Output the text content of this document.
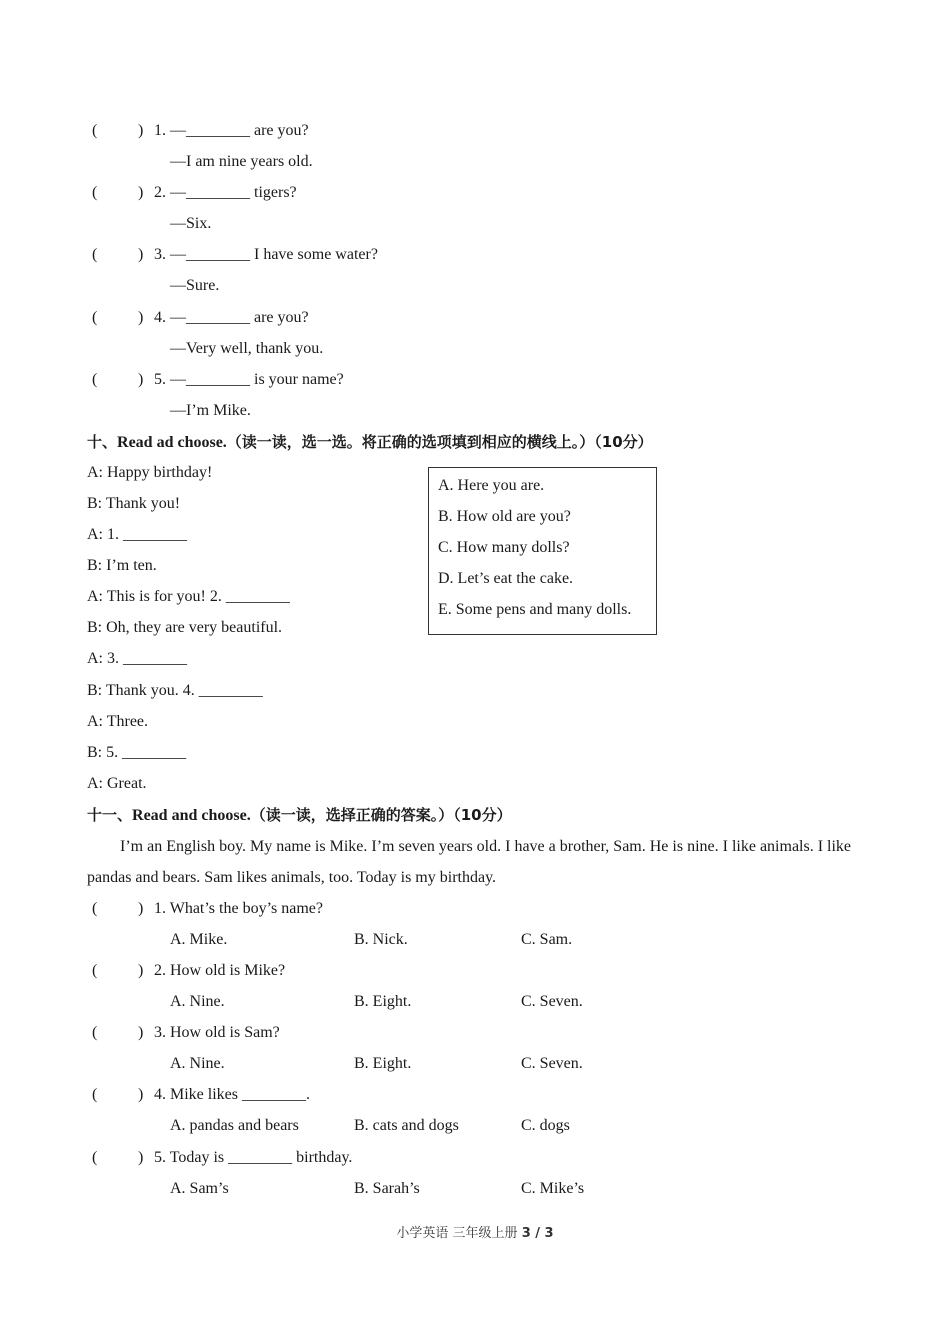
(	) 1. —________ are you?
—I am nine years old.
(	) 2. —________ tigers?
—Six.
(	) 3. —________ I have some water?
—Sure.
(	) 4. —________ are you?
—Very well, thank you.
(	) 5. —________ is your name?
—I’m Mike.
十、Read ad choose.（读一读，选一选。将正确的选项填到相应的横线上。）（10分）
A: Happy birthday!
B: Thank you!
A: 1. ________
B: I’m ten.
A: This is for you! 2. ________
B: Oh, they are very beautiful.
A: 3. ________
B: Thank you. 4. ________
A: Three.
B: 5. ________
A: Great.
A. Here you are.
B. How old are you?
C. How many dolls?
D. Let’s eat the cake.
E. Some pens and many dolls.
十一、Read and choose.（读一读，选择正确的答案。）（10分）
I’m an English boy. My name is Mike. I’m seven years old. I have a brother, Sam. He is nine. I like animals. I like pandas and bears. Sam likes animals, too. Today is my birthday.
(	) 1. What’s the boy’s name?
A. Mike.	B. Nick.	C. Sam.
(	) 2. How old is Mike?
A. Nine.	B. Eight.	C. Seven.
(	) 3. How old is Sam?
A. Nine.	B. Eight.	C. Seven.
(	) 4. Mike likes ________.
A. pandas and bears	B. cats and dogs	C. dogs
(	) 5. Today is ________ birthday.
A. Sam’s	B. Sarah’s	C. Mike’s
小学英语 三年级上册 3 / 3
